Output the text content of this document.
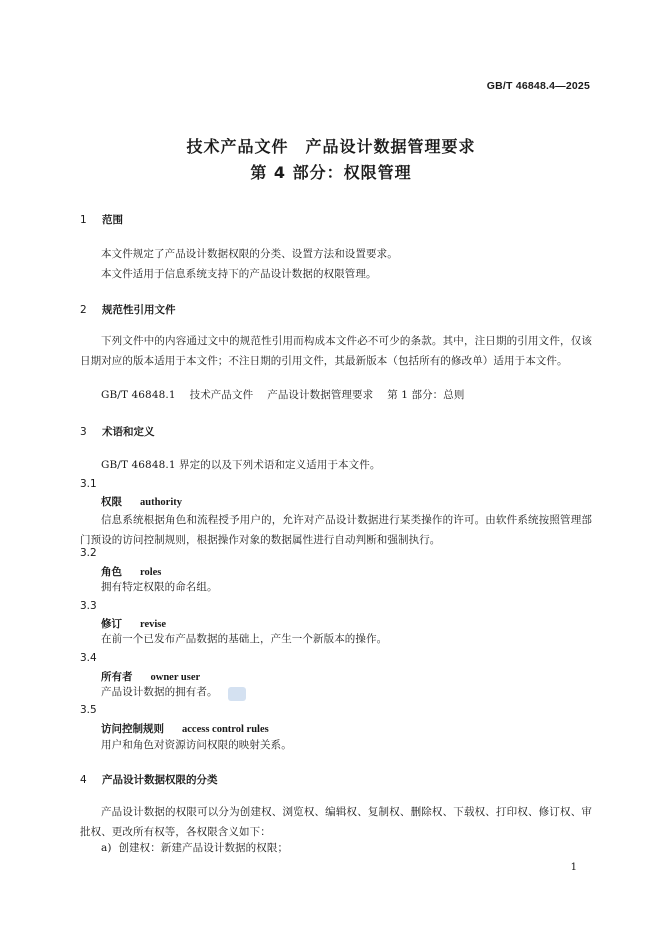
GB/T 46848.4—2025
技术产品文件　产品设计数据管理要求
第 4 部分：权限管理
1 范围
本文件规定了产品设计数据权限的分类、设置方法和设置要求。
本文件适用于信息系统支持下的产品设计数据的权限管理。
2 规范性引用文件
下列文件中的内容通过文中的规范性引用而构成本文件必不可少的条款。其中，注日期的引用文件，仅该日期对应的版本适用于本文件；不注日期的引用文件，其最新版本（包括所有的修改单）适用于本文件。
GB/T 46848.1 技术产品文件 产品设计数据管理要求 第 1 部分：总则
3 术语和定义
GB/T 46848.1 界定的以及下列术语和定义适用于本文件。
3.1
权限 authority
信息系统根据角色和流程授予用户的，允许对产品设计数据进行某类操作的许可。由软件系统按照管理部门预设的访问控制规则，根据操作对象的数据属性进行自动判断和强制执行。
3.2
角色 roles
拥有特定权限的命名组。
3.3
修订 revise
在前一个已发布产品数据的基础上，产生一个新版本的操作。
3.4
所有者 owner user
产品设计数据的拥有者。
3.5
访问控制规则 access control rules
用户和角色对资源访问权限的映射关系。
4 产品设计数据权限的分类
产品设计数据的权限可以分为创建权、浏览权、编辑权、复制权、删除权、下载权、打印权、修订权、审批权、更改所有权等，各权限含义如下：
a) 创建权：新建产品设计数据的权限；
1
